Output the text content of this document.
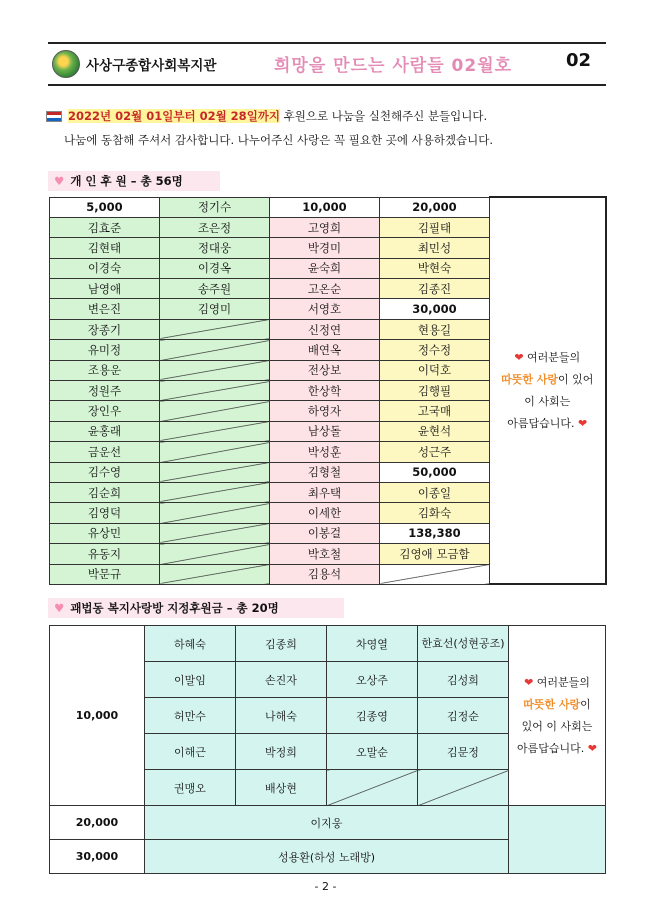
사상구종합사회복지관	희망을 만드는 사람들 02월호	02
2022년 02월 01일부터 02월 28일까지 후원으로 나눔을 실천해주신 분들입니다.
나눔에 동참해 주셔서 감사합니다. 나누어주신 사랑은 꼭 필요한 곳에 사용하겠습니다.
♥ 개 인 후 원 – 총 56명
5,000	정기수	10,000	20,000	❤ 여러분들의
따뜻한 사랑이 있어
이 사회는
아름답습니다. ❤
김효준	조은정	고영희	김필태	
김현태	정대웅	박경미	최민성	
이경숙	이경옥	윤숙희	박현숙	
남영애	송주원	고온순	김종진	
변은진	김영미	서영호	30,000	
장종기		신정연	현용길	
유미정		배연옥	정수정	
조용운		전상보	이덕호	
정원주		한상학	김행필	
장인우		하영자	고국매	
윤홍래		남상돌	윤현석	
금운선		박성훈	성근주	
김수영		김형철	50,000	
김순희		최우택	이종일	
김영덕		이세한	김화숙	
유상민		이봉걸	138,380	
유동지		박호철	김영애 모금함	
박문규		김용석		
♥ 괘법동 복지사랑방 지정후원금 – 총 20명
10,000	하혜숙	김종희	차영열	한효선(성현공조)	❤ 여러분들의
따뜻한 사랑이
있어 이 사회는
아름답습니다. ❤
	이말임	손진자	오상주	김성희	
	허만수	나해숙	김종영	김정순	
	이해근	박정희	오말순	김문정	
	권맹오	배상현			
20,000	이지웅				
30,000	성용환(하성 노래방)				
- 2 -
